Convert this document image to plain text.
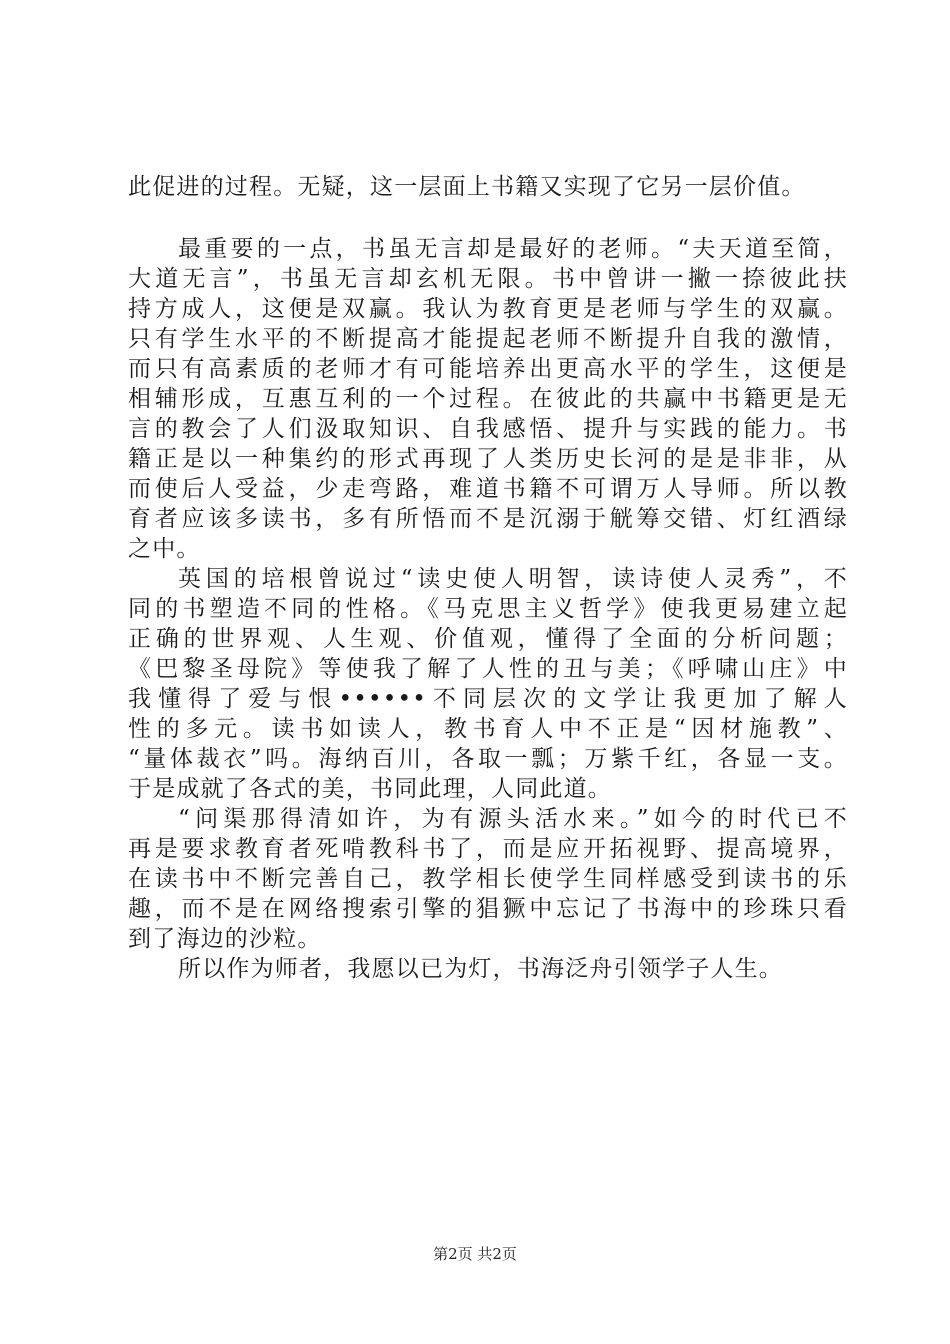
此促进的过程。无疑，这一层面上书籍又实现了它另一层价值。
最重要的一点，书虽无言却是最好的老师。“夫天道至简，
大道无言”，书虽无言却玄机无限。书中曾讲一撇一捺彼此扶
持方成人，这便是双赢。我认为教育更是老师与学生的双赢。
只有学生水平的不断提高才能提起老师不断提升自我的激情，
而只有高素质的老师才有可能培养出更高水平的学生，这便是
相辅形成，互惠互利的一个过程。在彼此的共赢中书籍更是无
言的教会了人们汲取知识、自我感悟、提升与实践的能力。书
籍正是以一种集约的形式再现了人类历史长河的是是非非，从
而使后人受益，少走弯路，难道书籍不可谓万人导师。所以教
育者应该多读书，多有所悟而不是沉溺于觥筹交错、灯红酒绿
之中。
英国的培根曾说过“读史使人明智，读诗使人灵秀”，不
同的书塑造不同的性格。《马克思主义哲学》使我更易建立起
正确的世界观、人生观、价值观，懂得了全面的分析问题；
《巴黎圣母院》等使我了解了人性的丑与美；《呼啸山庄》中
我懂得了爱与恨••••••不同层次的文学让我更加了解人
性的多元。读书如读人，教书育人中不正是“因材施教”、
“量体裁衣”吗。海纳百川，各取一瓢；万紫千红，各显一支。
于是成就了各式的美，书同此理，人同此道。
“问渠那得清如许，为有源头活水来。”如今的时代已不
再是要求教育者死啃教科书了，而是应开拓视野、提高境界，
在读书中不断完善自己，教学相长使学生同样感受到读书的乐
趣，而不是在网络搜索引擎的猖獗中忘记了书海中的珍珠只看
到了海边的沙粒。
所以作为师者，我愿以已为灯，书海泛舟引领学子人生。
第2页 共2页
